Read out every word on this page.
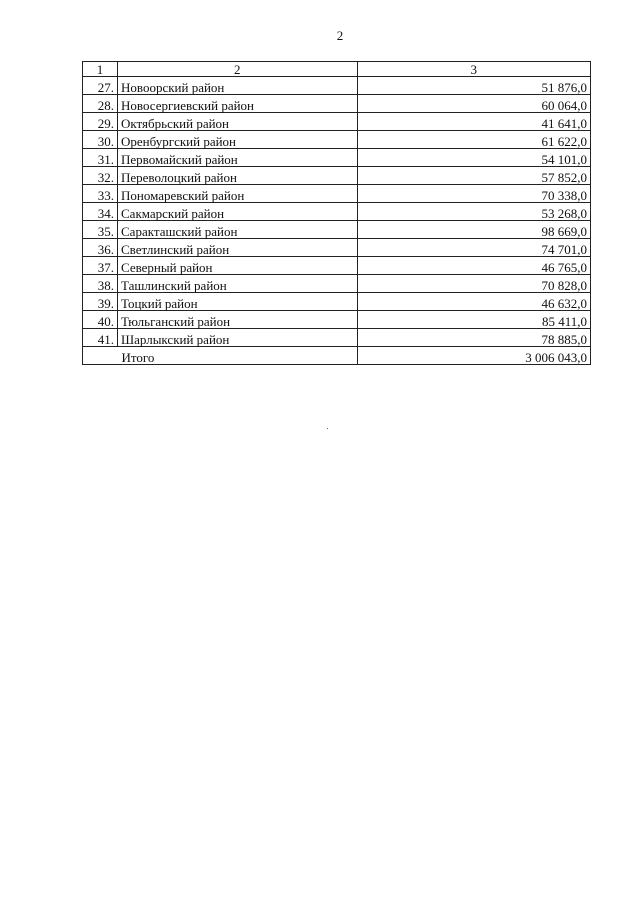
2
1	2	3
27.	Новоорский район	51 876,0
28.	Новосергиевский район	60 064,0
29.	Октябрьский район	41 641,0
30.	Оренбургский район	61 622,0
31.	Первомайский район	54 101,0
32.	Переволоцкий район	57 852,0
33.	Пономаревский район	70 338,0
34.	Сакмарский район	53 268,0
35.	Саракташский район	98 669,0
36.	Светлинский район	74 701,0
37.	Северный район	46 765,0
38.	Ташлинский район	70 828,0
39.	Тоцкий район	46 632,0
40.	Тюльганский район	85 411,0
41.	Шарлыкский район	78 885,0
	Итого	3 006 043,0
